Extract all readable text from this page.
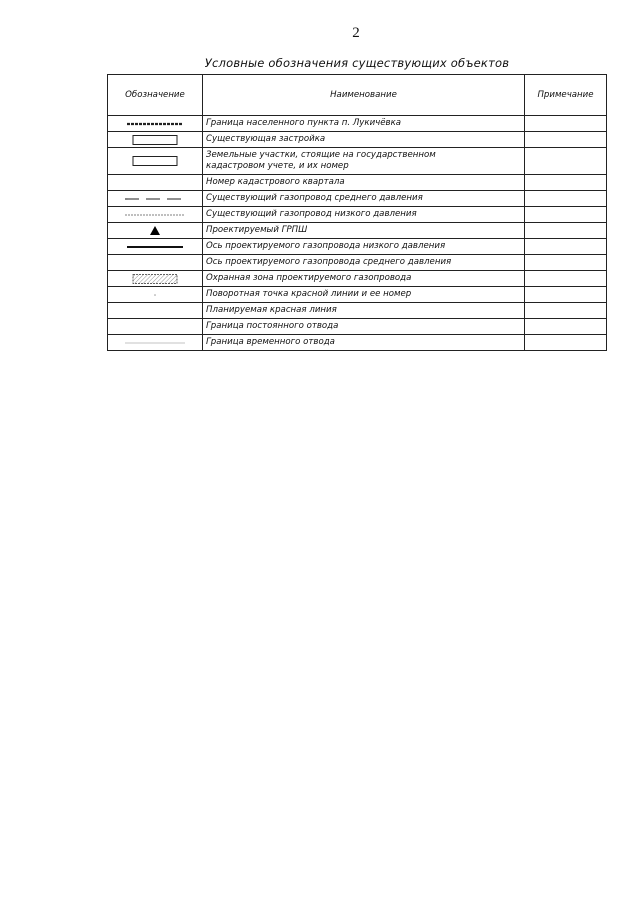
2
Условные обозначения существующих объектов
Обозначение	Наименование	Примечание

	Граница населенного пункта п. Лукичёвка	

	Существующая застройка	

	Земельные участки, стоящие на государственном
кадастровом учете, и их номер	
	Номер кадастрового квартала	

	Существующий газопровод среднего давления	

	Существующий газопровод низкого давления	

	Проектируемый ГРПШ	

	Ось проектируемого газопровода низкого давления	
	Ось проектируемого газопровода среднего давления	

	Охранная зона проектируемого газопровода	

	Поворотная точка красной линии и ее номер	
	Планируемая красная линия	
	Граница постоянного отвода	

	Граница временного отвода	
